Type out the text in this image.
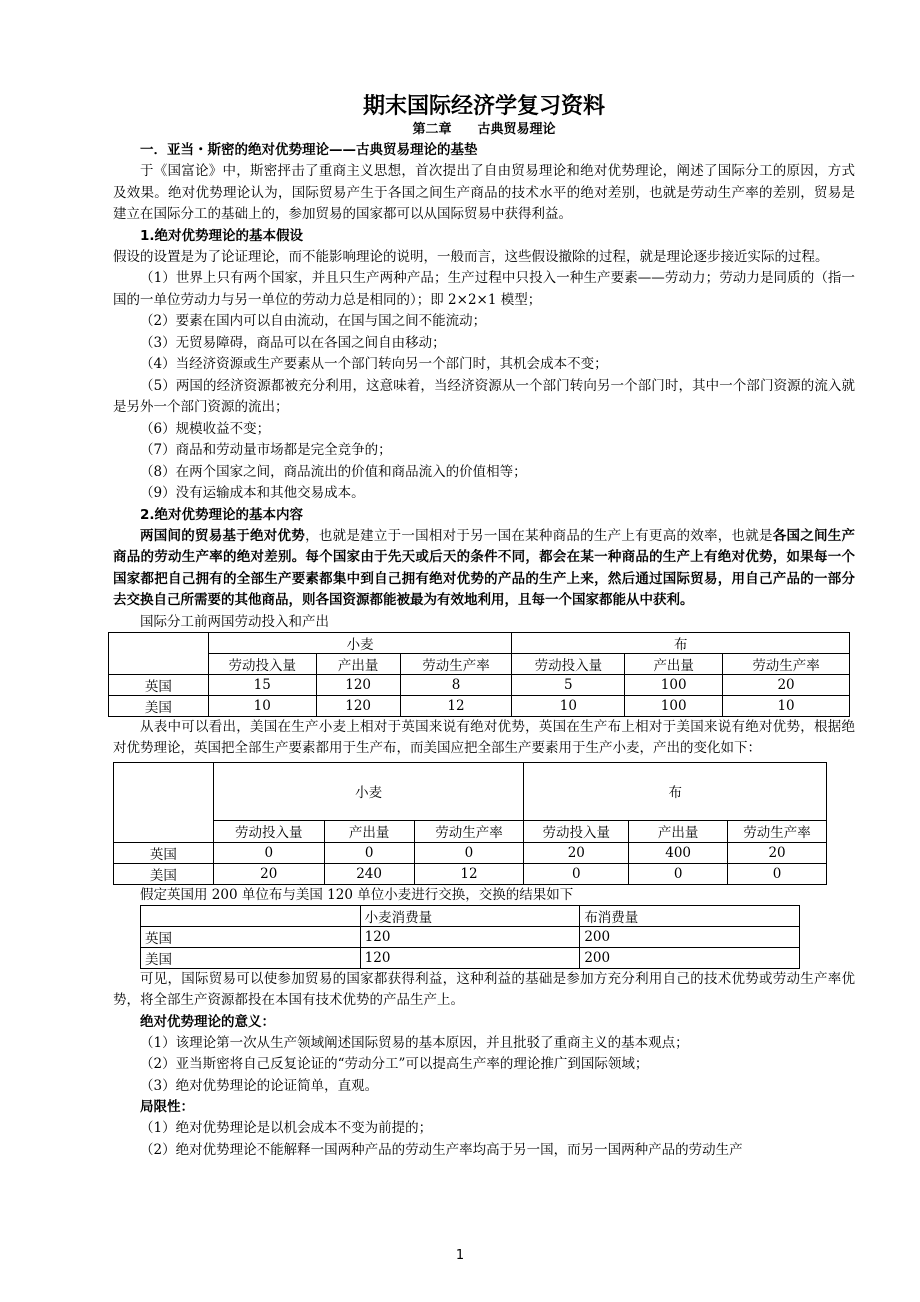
期末国际经济学复习资料
第二章　　古典贸易理论
一．亚当・斯密的绝对优势理论——古典贸易理论的基垫
于《国富论》中，斯密抨击了重商主义思想，首次提出了自由贸易理论和绝对优势理论，阐述了国际分工的原因，方式及效果。绝对优势理论认为，国际贸易产生于各国之间生产商品的技术水平的绝对差别，也就是劳动生产率的差别，贸易是建立在国际分工的基础上的，参加贸易的国家都可以从国际贸易中获得利益。
1.绝对优势理论的基本假设
假设的设置是为了论证理论，而不能影响理论的说明，一般而言，这些假设撤除的过程，就是理论逐步接近实际的过程。
（1）世界上只有两个国家，并且只生产两种产品；生产过程中只投入一种生产要素——劳动力；劳动力是同质的（指一国的一单位劳动力与另一单位的劳动力总是相同的）；即 2×2×1 模型；
（2）要素在国内可以自由流动，在国与国之间不能流动；
（3）无贸易障碍，商品可以在各国之间自由移动；
（4）当经济资源或生产要素从一个部门转向另一个部门时，其机会成本不变；
（5）两国的经济资源都被充分利用，这意味着，当经济资源从一个部门转向另一个部门时，其中一个部门资源的流入就是另外一个部门资源的流出；
（6）规模收益不变；
（7）商品和劳动量市场都是完全竞争的；
（8）在两个国家之间，商品流出的价值和商品流入的价值相等；
（9）没有运输成本和其他交易成本。
2.绝对优势理论的基本内容
两国间的贸易基于绝对优势，也就是建立于一国相对于另一国在某种商品的生产上有更高的效率，也就是各国之间生产商品的劳动生产率的绝对差别。每个国家由于先天或后天的条件不同，都会在某一种商品的生产上有绝对优势，如果每一个国家都把自己拥有的全部生产要素都集中到自己拥有绝对优势的产品的生产上来，然后通过国际贸易，用自己产品的一部分去交换自己所需要的其他商品，则各国资源都能被最为有效地利用，且每一个国家都能从中获利。
国际分工前两国劳动投入和产出
	小麦			布		
	劳动投入量	产出量	劳动生产率	劳动投入量	产出量	劳动生产率
英国	15	120	8	5	100	20
美国	10	120	12	10	100	10
从表中可以看出，美国在生产小麦上相对于英国来说有绝对优势，英国在生产布上相对于美国来说有绝对优势，根据绝对优势理论，英国把全部生产要素都用于生产布，而美国应把全部生产要素用于生产小麦，产出的变化如下：
	小麦			布		
	劳动投入量	产出量	劳动生产率	劳动投入量	产出量	劳动生产率
英国	0	0	0	20	400	20
美国	20	240	12	0	0	0
假定英国用 200 单位布与美国 120 单位小麦进行交换，交换的结果如下
	小麦消费量	布消费量
英国	120	200
美国	120	200
可见，国际贸易可以使参加贸易的国家都获得利益，这种利益的基础是参加方充分利用自己的技术优势或劳动生产率优势，将全部生产资源都投在本国有技术优势的产品生产上。
绝对优势理论的意义：
（1）该理论第一次从生产领域阐述国际贸易的基本原因，并且批驳了重商主义的基本观点；
（2）亚当斯密将自己反复论证的“劳动分工”可以提高生产率的理论推广到国际领域；
（3）绝对优势理论的论证简单，直观。
局限性：
（1）绝对优势理论是以机会成本不变为前提的；
（2）绝对优势理论不能解释一国两种产品的劳动生产率均高于另一国，而另一国两种产品的劳动生产
1
